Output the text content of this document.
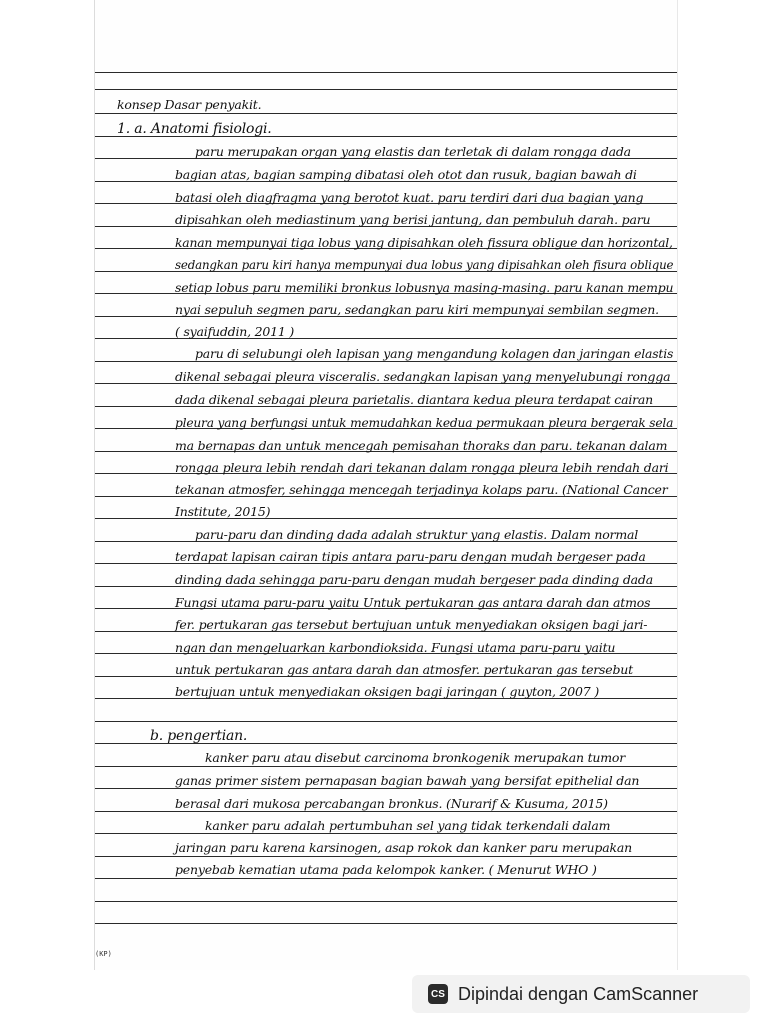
konsep Dasar penyakit.
1. a. Anatomi fisiologi.
paru merupakan organ yang elastis dan terletak di dalam rongga dada
bagian atas, bagian samping dibatasi oleh otot dan rusuk, bagian bawah di
batasi oleh diagfragma yang berotot kuat. paru terdiri dari dua bagian yang
dipisahkan oleh mediastinum yang berisi jantung, dan pembuluh darah. paru
kanan mempunyai tiga lobus yang dipisahkan oleh fissura obligue dan horizontal,
sedangkan paru kiri hanya mempunyai dua lobus yang dipisahkan oleh fisura oblique
setiap lobus paru memiliki bronkus lobusnya masing-masing. paru kanan mempu
nyai sepuluh segmen paru, sedangkan paru kiri mempunyai sembilan segmen.
( syaifuddin, 2011 )
paru di selubungi oleh lapisan yang mengandung kolagen dan jaringan elastis
dikenal sebagai pleura visceralis. sedangkan lapisan yang menyelubungi rongga
dada dikenal sebagai pleura parietalis. diantara kedua pleura terdapat cairan
pleura yang berfungsi untuk memudahkan kedua permukaan pleura bergerak sela
ma bernapas dan untuk mencegah pemisahan thoraks dan paru. tekanan dalam
rongga pleura lebih rendah dari tekanan dalam rongga pleura lebih rendah dari
tekanan atmosfer, sehingga mencegah terjadinya kolaps paru. (National Cancer
Institute, 2015)
paru-paru dan dinding dada adalah struktur yang elastis. Dalam normal
terdapat lapisan cairan tipis antara paru-paru dengan mudah bergeser pada
dinding dada sehingga paru-paru dengan mudah bergeser pada dinding dada
Fungsi utama paru-paru yaitu Untuk pertukaran gas antara darah dan atmos
fer. pertukaran gas tersebut bertujuan untuk menyediakan oksigen bagi jari-
ngan dan mengeluarkan karbondioksida. Fungsi utama paru-paru yaitu
untuk pertukaran gas antara darah dan atmosfer. pertukaran gas tersebut
bertujuan untuk menyediakan oksigen bagi jaringan ( guyton, 2007 )
b. pengertian.
kanker paru atau disebut carcinoma bronkogenik merupakan tumor
ganas primer sistem pernapasan bagian bawah yang bersifat epithelial dan
berasal dari mukosa percabangan bronkus. (Nurarif & Kusuma, 2015)
kanker paru adalah pertumbuhan sel yang tidak terkendali dalam
jaringan paru karena karsinogen, asap rokok dan kanker paru merupakan
penyebab kematian utama pada kelompok kanker. ( Menurut WHO )
(KP)
CS Dipindai dengan CamScanner
